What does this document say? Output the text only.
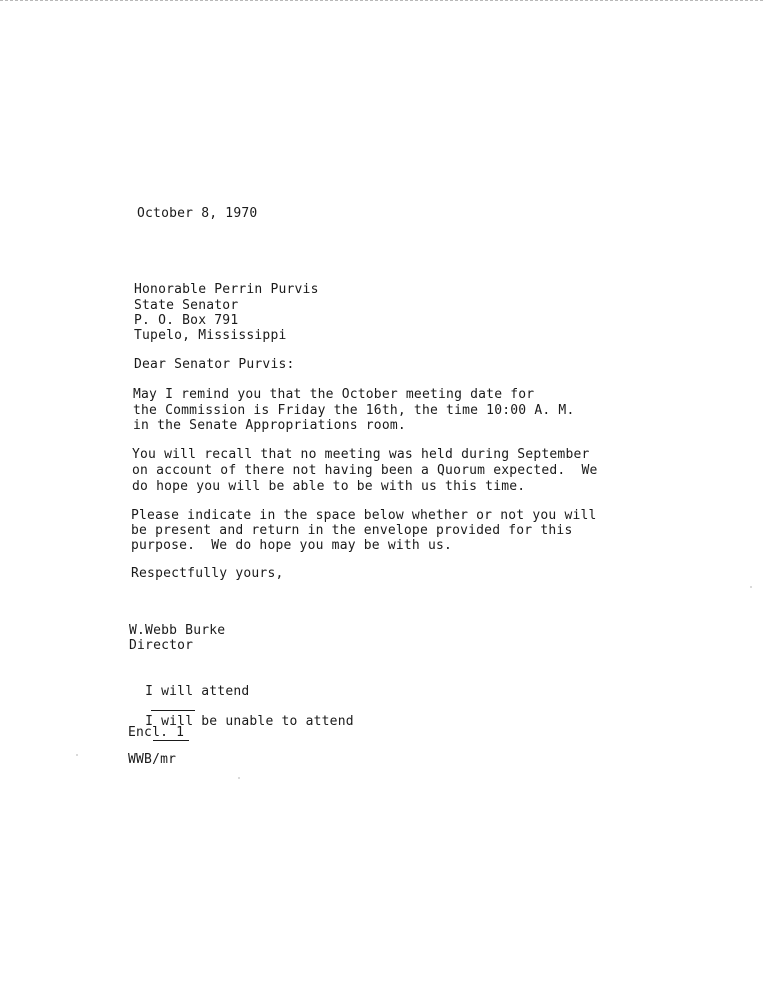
October 8, 1970
Honorable Perrin Purvis
State Senator
P. O. Box 791
Tupelo, Mississippi
Dear Senator Purvis:
May I remind you that the October meeting date for
the Commission is Friday the 16th, the time 10:00 A. M.
in the Senate Appropriations room.
You will recall that no meeting was held during September
on account of there not having been a Quorum expected.  We
do hope you will be able to be with us this time.
Please indicate in the space below whether or not you will
be present and return in the envelope provided for this
purpose.  We do hope you may be with us.
Respectfully yours,
W.Webb Burke
Director

I will attend

I will be unable to attend

Encl. 1
WWB/mr
